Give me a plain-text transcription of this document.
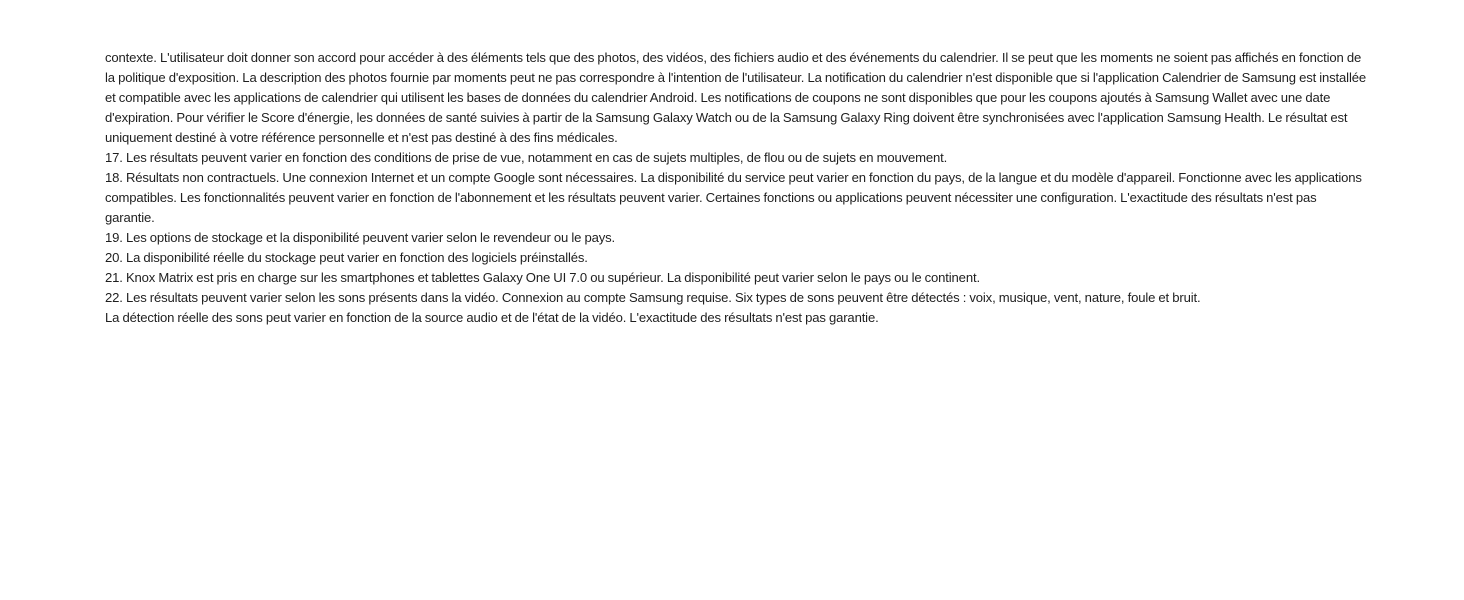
contexte. L'utilisateur doit donner son accord pour accéder à des éléments tels que des photos, des vidéos, des fichiers audio et des événements du calendrier. Il se peut que les moments ne soient pas affichés en fonction de la politique d'exposition. La description des photos fournie par moments peut ne pas correspondre à l'intention de l'utilisateur. La notification du calendrier n'est disponible que si l'application Calendrier de Samsung est installée et compatible avec les applications de calendrier qui utilisent les bases de données du calendrier Android. Les notifications de coupons ne sont disponibles que pour les coupons ajoutés à Samsung Wallet avec une date d'expiration. Pour vérifier le Score d'énergie, les données de santé suivies à partir de la Samsung Galaxy Watch ou de la Samsung Galaxy Ring doivent être synchronisées avec l'application Samsung Health. Le résultat est uniquement destiné à votre référence personnelle et n'est pas destiné à des fins médicales.

17. Les résultats peuvent varier en fonction des conditions de prise de vue, notamment en cas de sujets multiples, de flou ou de sujets en mouvement.

18. Résultats non contractuels. Une connexion Internet et un compte Google sont nécessaires. La disponibilité du service peut varier en fonction du pays, de la langue et du modèle d'appareil. Fonctionne avec les applications compatibles. Les fonctionnalités peuvent varier en fonction de l'abonnement et les résultats peuvent varier. Certaines fonctions ou applications peuvent nécessiter une configuration. L'exactitude des résultats n'est pas garantie.

19. Les options de stockage et la disponibilité peuvent varier selon le revendeur ou le pays.

20. La disponibilité réelle du stockage peut varier en fonction des logiciels préinstallés.

21. Knox Matrix est pris en charge sur les smartphones et tablettes Galaxy One UI 7.0 ou supérieur. La disponibilité peut varier selon le pays ou le continent.

22. Les résultats peuvent varier selon les sons présents dans la vidéo. Connexion au compte Samsung requise. Six types de sons peuvent être détectés : voix, musique, vent, nature, foule et bruit.

La détection réelle des sons peut varier en fonction de la source audio et de l'état de la vidéo. L'exactitude des résultats n'est pas garantie.
